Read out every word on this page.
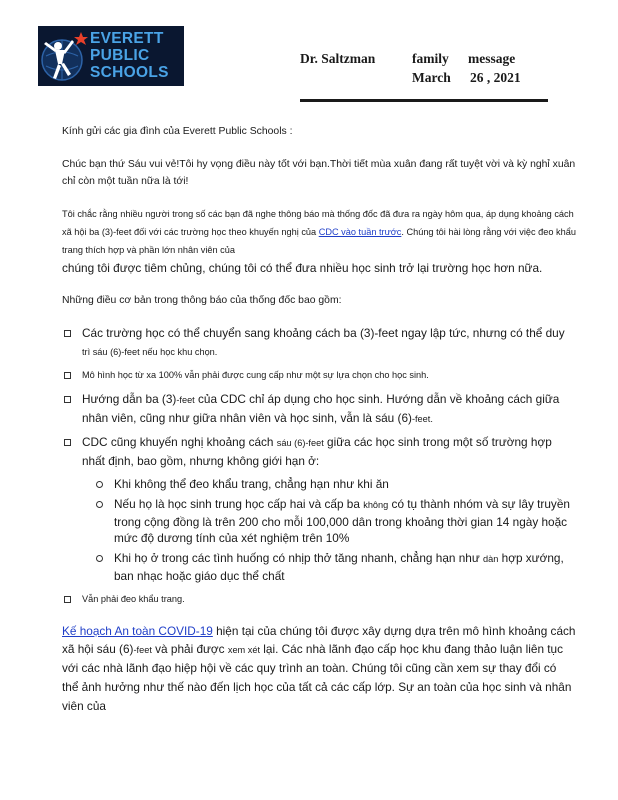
EVERETT
PUBLIC
SCHOOLS
Dr. Saltzman	family message
March 26 , 2021

Kính gửi các gia đình của Everett Public Schools :

Chúc bạn thứ Sáu vui vẻ!Tôi hy vọng điều này tốt với bạn.Thời tiết mùa xuân đang rất tuyệt vời và kỳ nghỉ xuân chỉ còn một tuần nữa là tới!

Tôi chắc rằng nhiều người trong số các bạn đã nghe thông báo mà thống đốc đã đưa ra ngày hôm qua, áp dụng khoảng cách xã hội ba (3)-feet đối với các trường học theo khuyến nghị của CDC vào tuần trước. Chúng tôi hài lòng rằng với việc đeo khẩu trang thích hợp và phần lớn nhân viên của
chúng tôi được tiêm chủng, chúng tôi có thể đưa nhiều học sinh trở lại trường học hơn nữa.

Những điều cơ bản trong thông báo của thống đốc bao gồm:

Các trường học có thể chuyển sang khoảng cách ba (3)-feet ngay lập tức, nhưng có thể duy
trì sáu (6)-feet nếu học khu chọn.
Mô hình học từ xa 100% vẫn phải được cung cấp như một sự lựa chọn cho học sinh.
Hướng dẫn ba (3)-feet của CDC chỉ áp dụng cho học sinh. Hướng dẫn về khoảng cách giữa nhân viên, cũng như giữa nhân viên và học sinh, vẫn là sáu (6)-feet.
CDC cũng khuyến nghị khoảng cách sáu (6)-feet giữa các học sinh trong một số trường hợp nhất định, bao gồm, nhưng không giới hạn ở:
Khi không thể đeo khẩu trang, chẳng hạn như khi ăn
Nếu họ là học sinh trung học cấp hai và cấp ba không có tụ thành nhóm và sự lây truyền trong cộng đồng là trên 200 cho mỗi 100,000 dân trong khoảng thời gian 14 ngày hoặc mức độ dương tính của xét nghiệm trên 10%
Khi họ ở trong các tình huống có nhịp thở tăng nhanh, chẳng hạn như dàn hợp xướng, ban nhạc hoặc giáo dục thể chất
Vẫn phải đeo khẩu trang.

Kế hoạch An toàn COVID-19 hiện tại của chúng tôi được xây dựng dựa trên mô hình khoảng cách xã hội sáu (6)-feet và phải được xem xét lại. Các nhà lãnh đạo cấp học khu đang thảo luận liên tục với các nhà lãnh đạo hiệp hội về các quy trình an toàn. Chúng tôi cũng cần xem sự thay đổi có thể ảnh hưởng như thế nào đến lịch học của tất cả các cấp lớp. Sự an toàn của học sinh và nhân viên của
